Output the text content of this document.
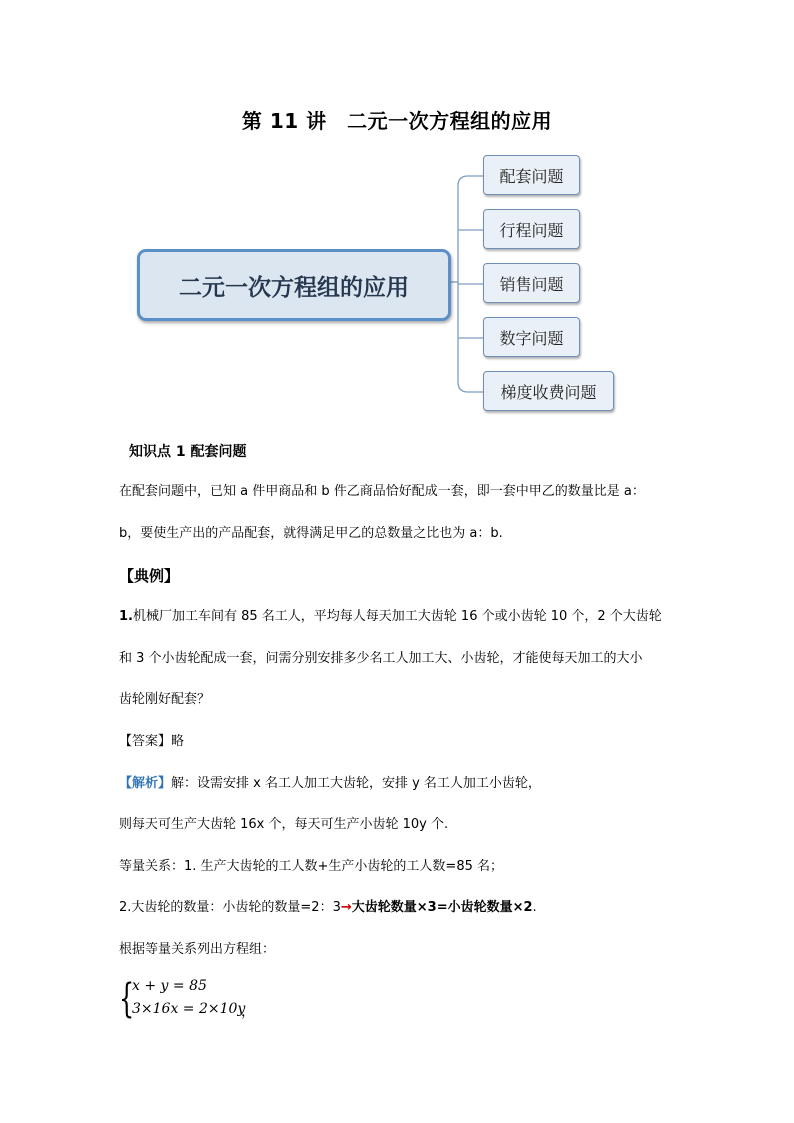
第 11 讲　二元一次方程组的应用
二元一次方程组的应用
配套问题
行程问题
销售问题
数字问题
梯度收费问题
知识点 1 配套问题
在配套问题中，已知 a 件甲商品和 b 件乙商品恰好配成一套，即一套中甲乙的数量比是 a：
b，要使生产出的产品配套，就得满足甲乙的总数量之比也为 a：b.
【典例】
1.机械厂加工车间有 85 名工人，平均每人每天加工大齿轮 16 个或小齿轮 10 个，2 个大齿轮
和 3 个小齿轮配成一套，问需分别安排多少名工人加工大、小齿轮，才能使每天加工的大小
齿轮刚好配套？
【答案】略
【解析】解：设需安排 x 名工人加工大齿轮，安排 y 名工人加工小齿轮，
则每天可生产大齿轮 16x 个，每天可生产小齿轮 10y 个.
等量关系：1. 生产大齿轮的工人数+生产小齿轮的工人数=85 名；
2.大齿轮的数量：小齿轮的数量=2：3→大齿轮数量×3=小齿轮数量×2.
根据等量关系列出方程组：
{
x + y = 85
3×16x = 2×10y
，
